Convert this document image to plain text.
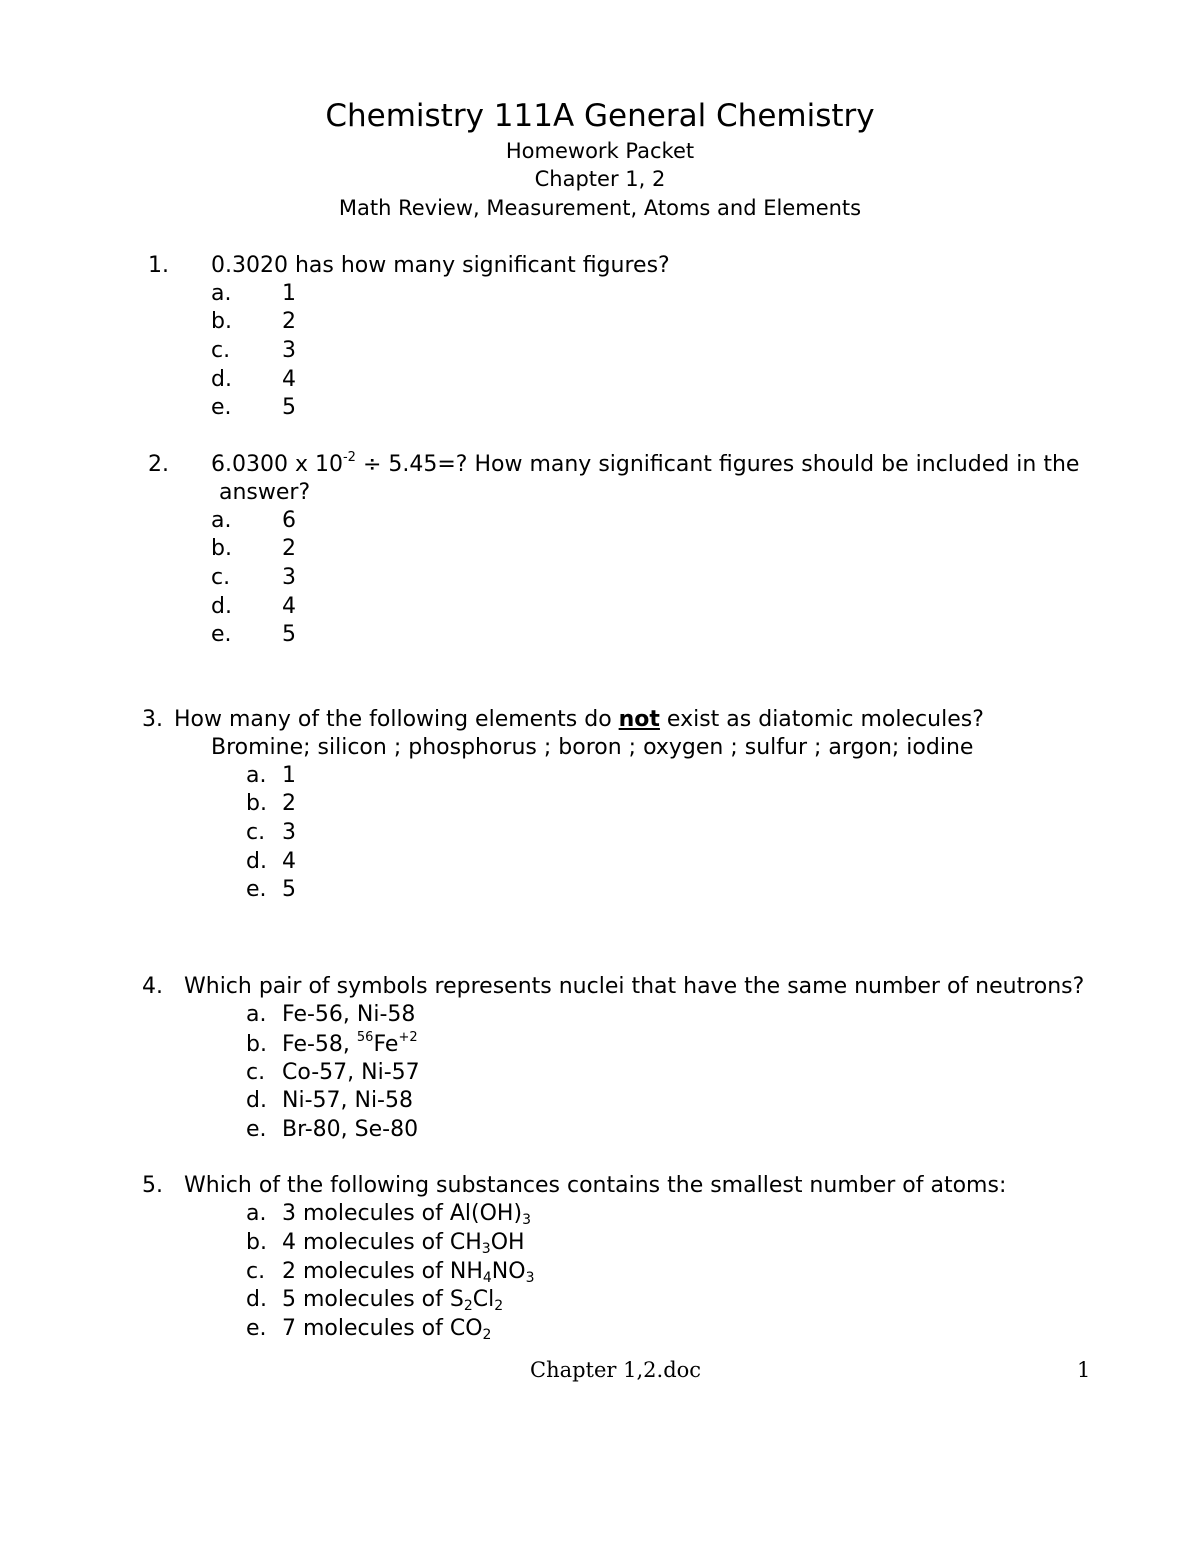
Chemistry 111A General Chemistry
Homework Packet
Chapter 1, 2
Math Review, Measurement, Atoms and Elements
1. 0.3020 has how many significant figures?
a. 1
b. 2
c. 3
d. 4
e. 5
2. 6.0300 x $10^{-2} \div 5.45=$? How many significant figures should be included in the
answer?
a. 6
b. 2
c. 3
d. 4
e. 5
3. How many of the following elements do not exist as diatomic molecules?
Bromine; silicon ; phosphorus ; boron ; oxygen ; sulfur ; argon; iodine
a. 1
b. 2
c. 3
d. 4
e. 5
4. Which pair of symbols represents nuclei that have the same number of neutrons?
a. Fe-56, Ni-58
b. Fe-58, $^{56}Fe^{+2}$
c. Co-57, Ni-57
d. Ni-57, Ni-58
e. Br-80, Se-80
5. Which of the following substances contains the smallest number of atoms:
a. 3 molecules of $Al(OH)_3$
b. 4 molecules of $CH_3OH$
c. 2 molecules of $NH_4NO_3$
d. 5 molecules of $S_2Cl_2$
e. 7 molecules of $CO_2$
Chapter 1,2.doc	1
